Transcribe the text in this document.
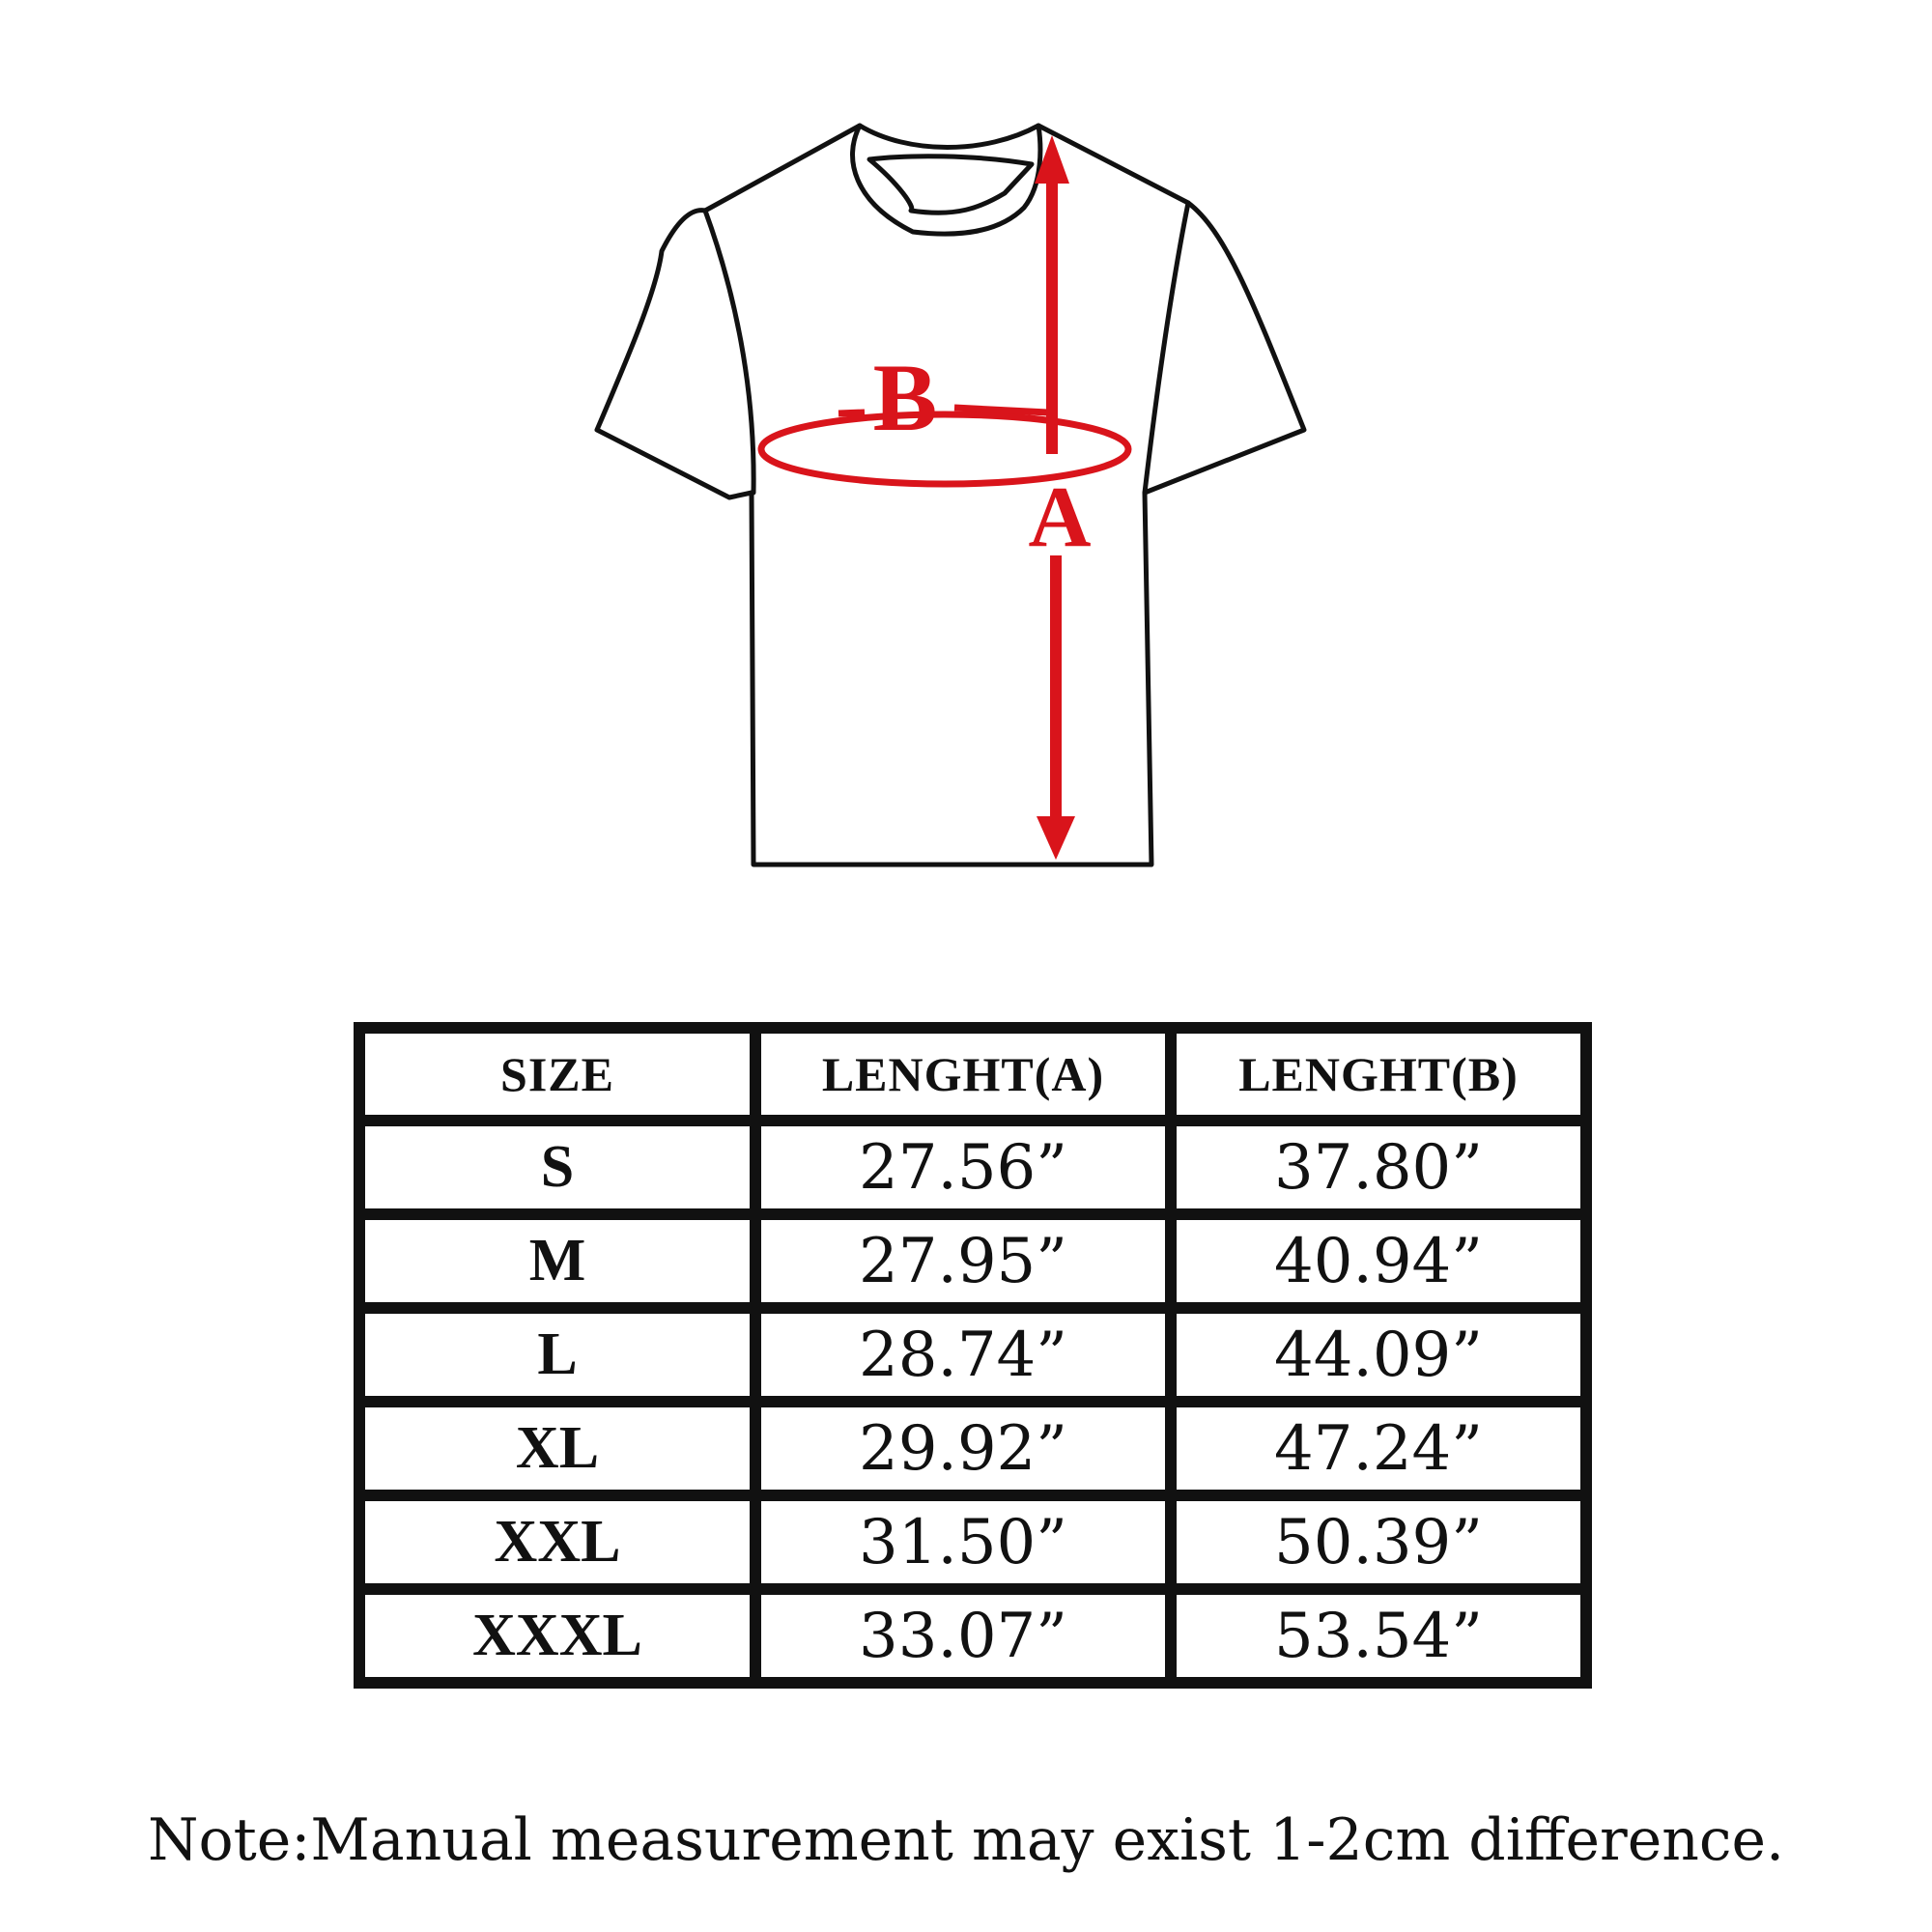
B
A
SIZE	LENGHT(A)	LENGHT(B)
S	27.56”	37.80”
M	27.95”	40.94”
L	28.74”	44.09”
XL	29.92”	47.24”
XXL	31.50”	50.39”
XXXL	33.07”	53.54”
Note:Manual measurement may exist 1-2cm difference.
